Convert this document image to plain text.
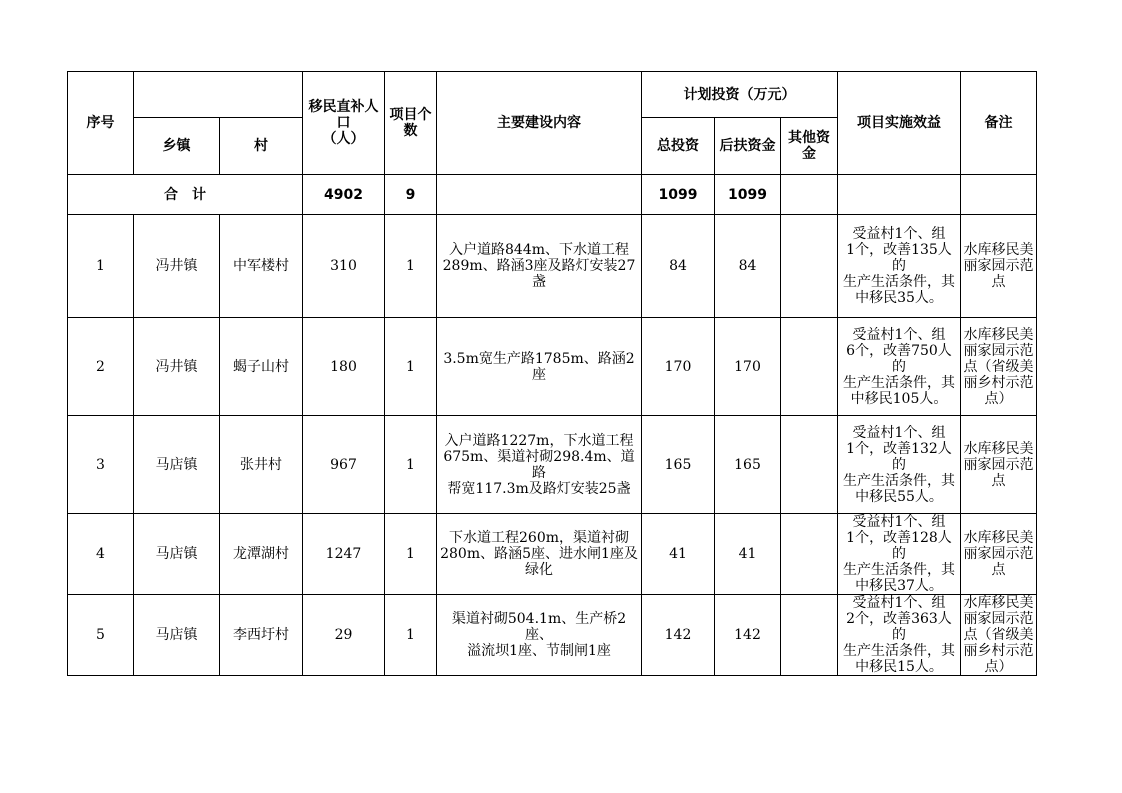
序号			移民直补人
口
（人）	项目个
数	主要建设内容	计划投资（万元）			项目实施效益	备注
	乡镇	村				总投资	后扶资金	其他资
金		
合　计			4902	9		1099	1099			
1	冯井镇	中军楼村	310	1	入户道路844m、下水道工程
289m、路涵3座及路灯安装27盏	84	84		受益村1个、组
1个，改善135人的
生产生活条件，其
中移民35人。	水库移民美
丽家园示范
点
2	冯井镇	蝎子山村	180	1	3.5m宽生产路1785m、路涵2座	170	170		受益村1个、组
6个，改善750人的
生产生活条件，其
中移民105人。	水库移民美
丽家园示范
点（省级美
丽乡村示范
点）
3	马店镇	张井村	967	1	入户道路1227m，下水道工程
675m、渠道衬砌298.4m、道路
帮宽117.3m及路灯安装25盏	165	165		受益村1个、组
1个，改善132人的
生产生活条件，其
中移民55人。	水库移民美
丽家园示范
点
4	马店镇	龙潭湖村	1247	1	下水道工程260m，渠道衬砌
280m、路涵5座、进水闸1座及
绿化	41	41		受益村1个、组
1个，改善128人的
生产生活条件，其
中移民37人。	水库移民美
丽家园示范
点
5	马店镇	李西圩村	29	1	渠道衬砌504.1m、生产桥2座、
溢流坝1座、节制闸1座	142	142		受益村1个、组
2个，改善363人的
生产生活条件，其
中移民15人。	水库移民美
丽家园示范
点（省级美
丽乡村示范
点）
